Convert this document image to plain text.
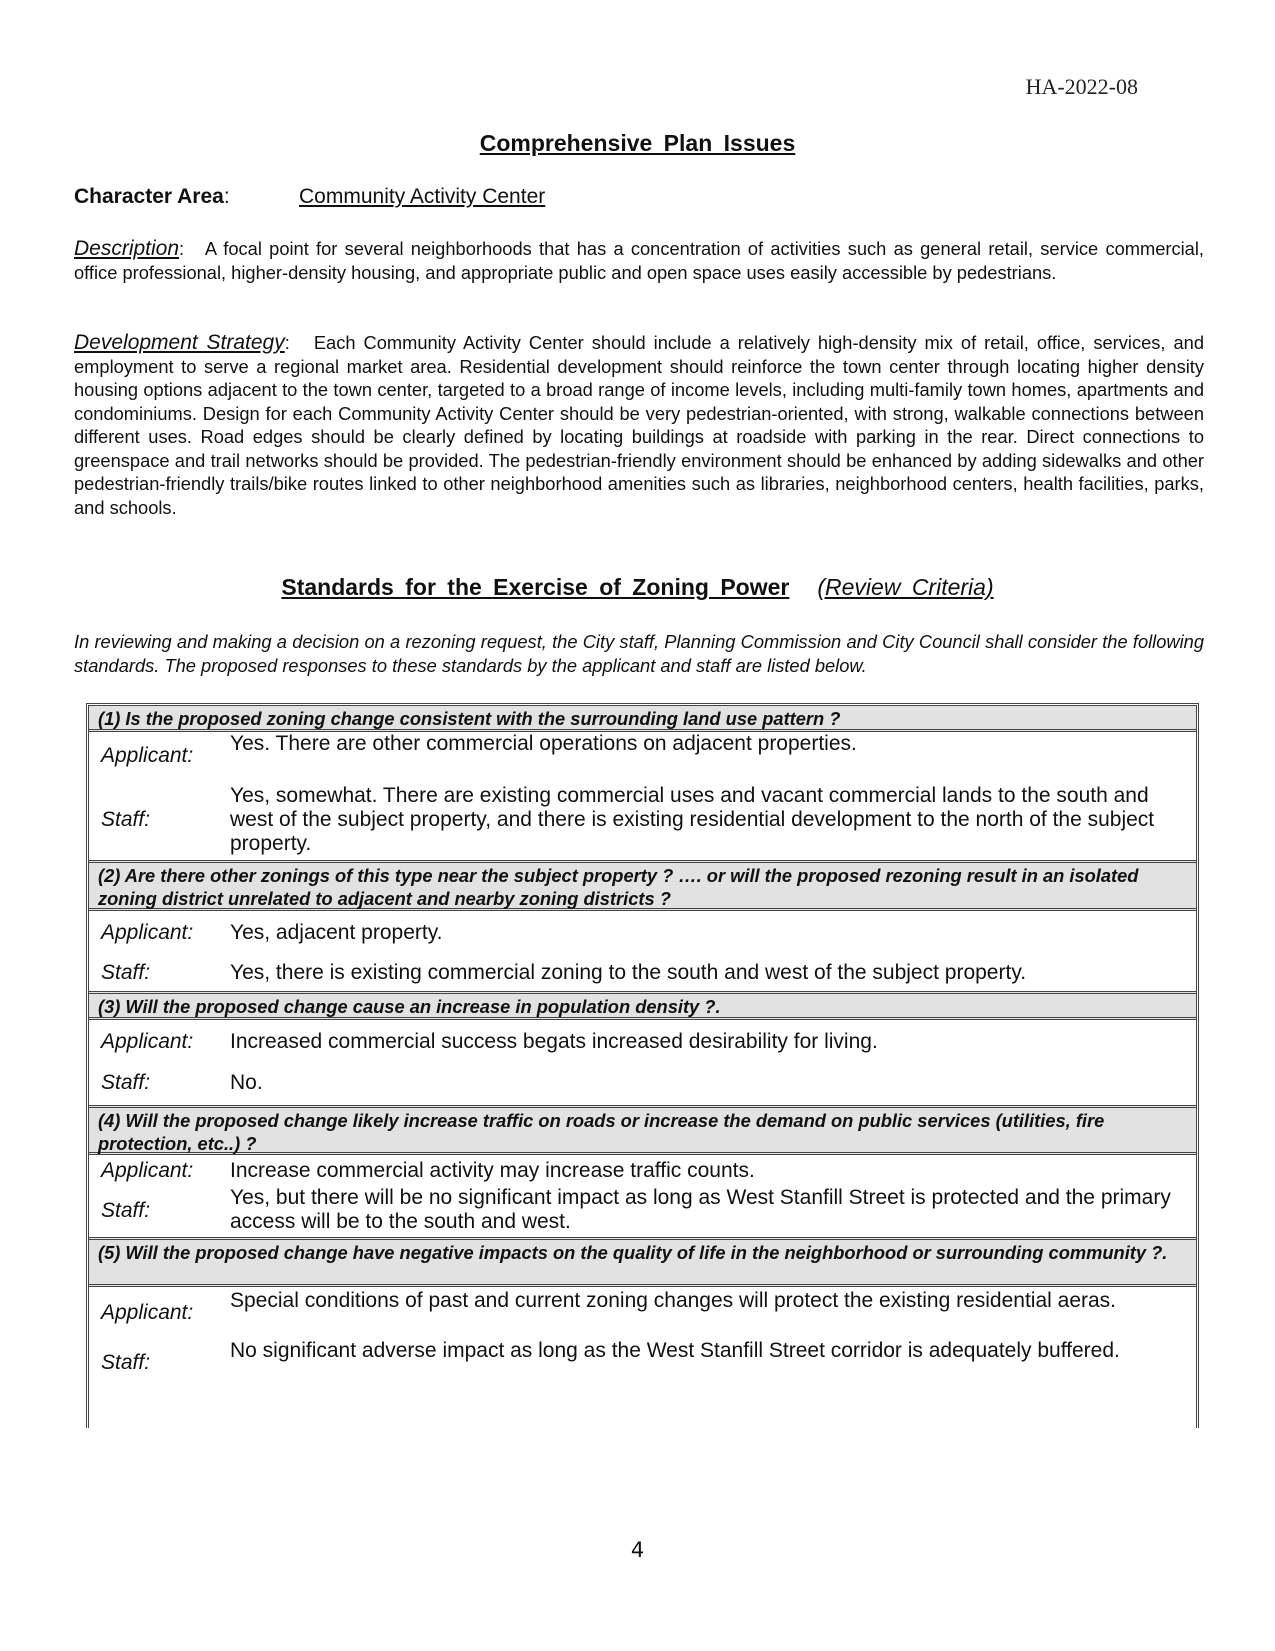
HA-2022-08
Comprehensive Plan Issues
Character Area:	Community Activity Center
Description:   A focal point for several neighborhoods that has a concentration of activities such as general retail, service commercial, office professional, higher-density housing, and appropriate public and open space uses easily accessible by pedestrians.
Development Strategy:   Each Community Activity Center should include a relatively high-density mix of retail, office, services, and employment to serve a regional market area. Residential development should reinforce the town center through locating higher density housing options adjacent to the town center, targeted to a broad range of income levels, including multi-family town homes, apartments and condominiums. Design for each Community Activity Center should be very pedestrian-oriented, with strong, walkable connections between different uses. Road edges should be clearly defined by locating buildings at roadside with parking in the rear. Direct connections to greenspace and trail networks should be provided. The pedestrian-friendly environment should be enhanced by adding sidewalks and other pedestrian-friendly trails/bike routes linked to other neighborhood amenities such as libraries, neighborhood centers, health facilities, parks, and schools.
Standards for the Exercise of Zoning Power (Review Criteria)
In reviewing and making a decision on a rezoning request, the City staff, Planning Commission and City Council shall consider the following standards. The proposed responses to these standards by the applicant and staff are listed below.
(1) Is the proposed zoning change consistent with the surrounding land use pattern ?
Applicant:
Yes. There are other commercial operations on adjacent properties.
Staff:
Yes, somewhat. There are existing commercial uses and vacant commercial lands to the south and west of the subject property, and there is existing residential development to the north of the subject property.
(2) Are there other zonings of this type near the subject property ? …. or will the proposed rezoning result in an isolated zoning district unrelated to adjacent and nearby zoning districts ?
Applicant: Yes, adjacent property.
Staff:	Yes, there is existing commercial zoning to the south and west of the subject property.
(3) Will the proposed change cause an increase in population density ?.
Applicant: Increased commercial success begats increased desirability for living.
Staff:	No.
(4) Will the proposed change likely increase traffic on roads or increase the demand on public services (utilities, fire protection, etc..) ?
Applicant: Increase commercial activity may increase traffic counts.
Staff:
Yes, but there will be no significant impact as long as West Stanfill Street is protected and the primary access will be to the south and west.
(5) Will the proposed change have negative impacts on the quality of life in the neighborhood or surrounding community ?.
Applicant:
Special conditions of past and current zoning changes will protect the existing residential aeras.
Staff:
No significant adverse impact as long as the West Stanfill Street corridor is adequately buffered.
4
